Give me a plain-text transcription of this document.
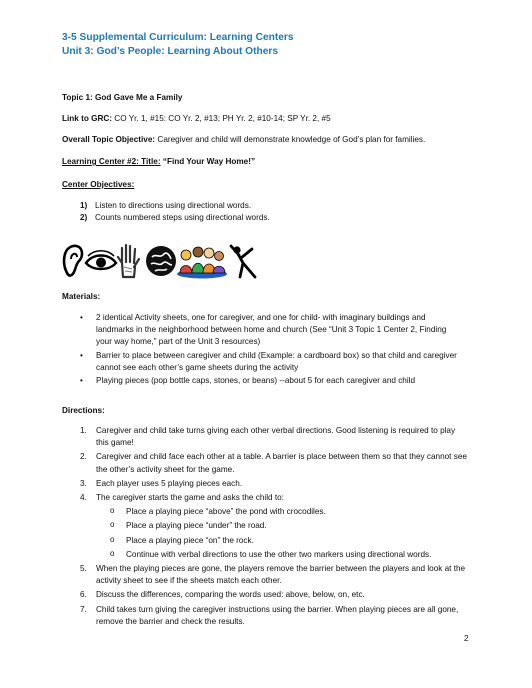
3-5 Supplemental Curriculum: Learning Centers
Unit 3: God’s People: Learning About Others
Topic 1: God Gave Me a Family
Link to GRC: CO Yr. 1, #15: CO Yr. 2, #13; PH Yr. 2, #10-14; SP Yr. 2, #5
Overall Topic Objective: Caregiver and child will demonstrate knowledge of God’s plan for families.
Learning Center #2: Title: “Find Your Way Home!”
Center Objectives:
1) Listen to directions using directional words.
2) Counts numbered steps using directional words.
Materials:
• 2 identical Activity sheets, one for caregiver, and one for child- with imaginary buildings and landmarks in the neighborhood between home and church (See “Unit 3 Topic 1 Center 2, Finding your way home,” part of the Unit 3 resources)
• Barrier to place between caregiver and child (Example: a cardboard box) so that child and caregiver cannot see each other’s game sheets during the activity
• Playing pieces (pop bottle caps, stones, or beans) --about 5 for each caregiver and child
Directions:
1. Caregiver and child take turns giving each other verbal directions. Good listening is required to play this game!
2. Caregiver and child face each other at a table. A barrier is place between them so that they cannot see the other’s activity sheet for the game.
3. Each player uses 5 playing pieces each.
4. The caregiver starts the game and asks the child to:
o Place a playing piece “above” the pond with crocodiles.
o Place a playing piece “under” the road.
o Place a playing piece “on” the rock.
o Continue with verbal directions to use the other two markers using directional words.
5. When the playing pieces are gone, the players remove the barrier between the players and look at the activity sheet to see if the sheets match each other.
6. Discuss the differences, comparing the words used: above, below, on, etc.
7. Child takes turn giving the caregiver instructions using the barrier. When playing pieces are all gone, remove the barrier and check the results.
2
